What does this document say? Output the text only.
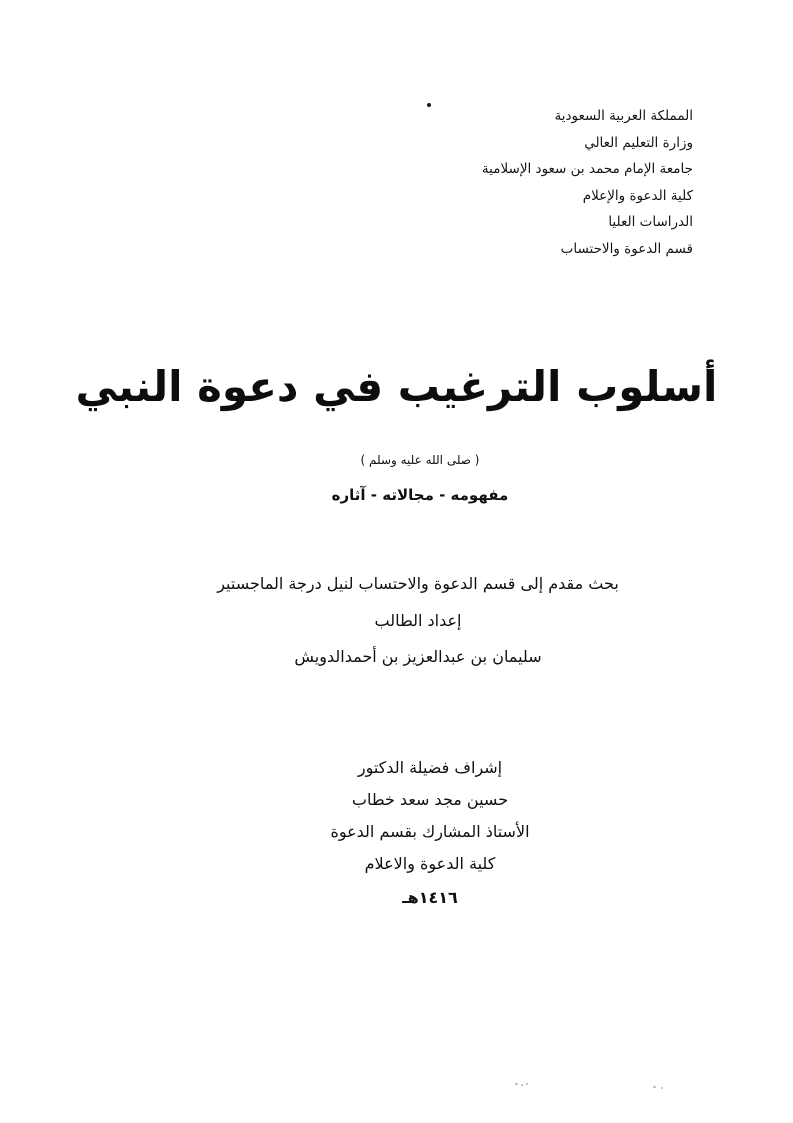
المملكة العربية السعودية
وزارة التعليم العالي
جامعة الإمام محمد بن سعود الإسلامية
كلية الدعوة والإعلام
الدراسات العليا
قسم الدعوة والاحتساب
أسلوب الترغيب في دعوة النبي
( صلى الله عليه وسلم )
مفهومه - مجالاته - آثاره
بحث مقدم إلى قسم الدعوة والاحتساب لنيل درجة الماجستير
إعداد الطالب
سليمان بن عبدالعزيز بن أحمدالدويش
إشراف فضيلة الدكتور
حسين مجد سعد خطاب
الأستاذ المشارك بقسم الدعوة
كلية الدعوة والاعلام
١٤١٦هـ
